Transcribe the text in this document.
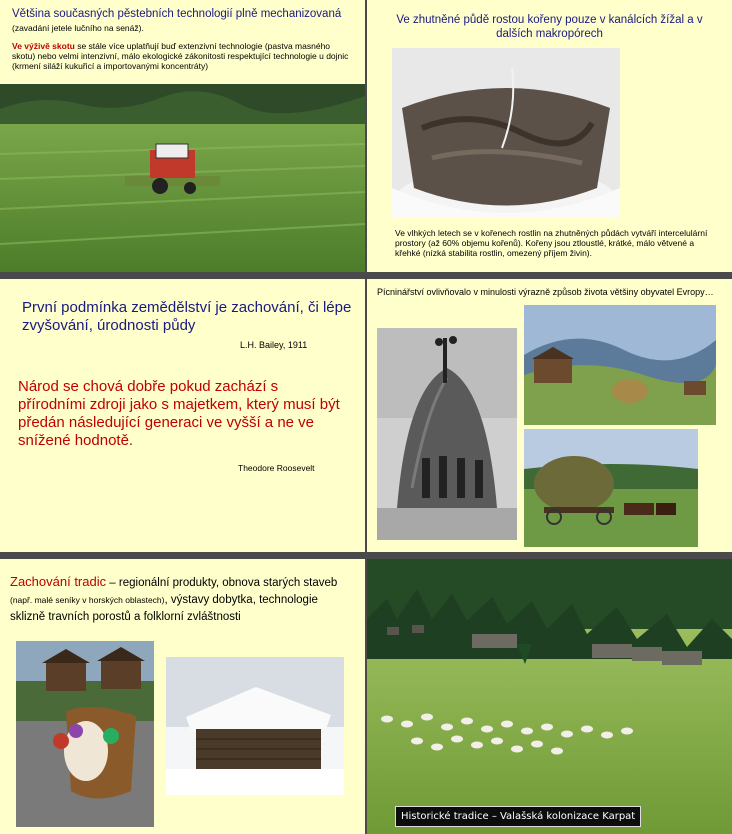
Většina současných pěstebních technologií plně mechanizovaná
(zavadání jetele lučního na senáž).
Ve výživě skotu se stále více uplatňují buď extenzivní technologie (pastva masného skotu) nebo velmi intenzivní, málo ekologické zákonitosti respektující technologie u dojnic (krmení siláží kukuřicí a importovanými koncentráty)
Ve zhutněné půdě rostou kořeny pouze v kanálcích žížal a v dalších makropórech
Ve vlhkých letech se v kořenech rostlin na zhutněných půdách vytváří intercelulární prostory (až 60% objemu kořenů). Kořeny jsou ztloustlé, krátké, málo větvené a křehké (nízká stabilita rostlin, omezený příjem živin).
První podmínka zemědělství je zachování, či lépe zvyšování, úrodnosti půdy
L.H. Bailey, 1911
Národ se chová dobře pokud zachází s přírodními zdroji jako s majetkem, který musí být předán následující generaci ve vyšší a ne ve snížené hodnotě.
Theodore Roosevelt
Pícninářství ovlivňovalo v minulosti výrazně způsob života většiny obyvatel Evropy…
Zachování tradic – regionální produkty, obnova starých staveb (např. malé seníky v horských oblastech), výstavy dobytka, technologie sklizně travních porostů a folklorní zvláštnosti
Historické tradice – Valašská kolonizace Karpat
